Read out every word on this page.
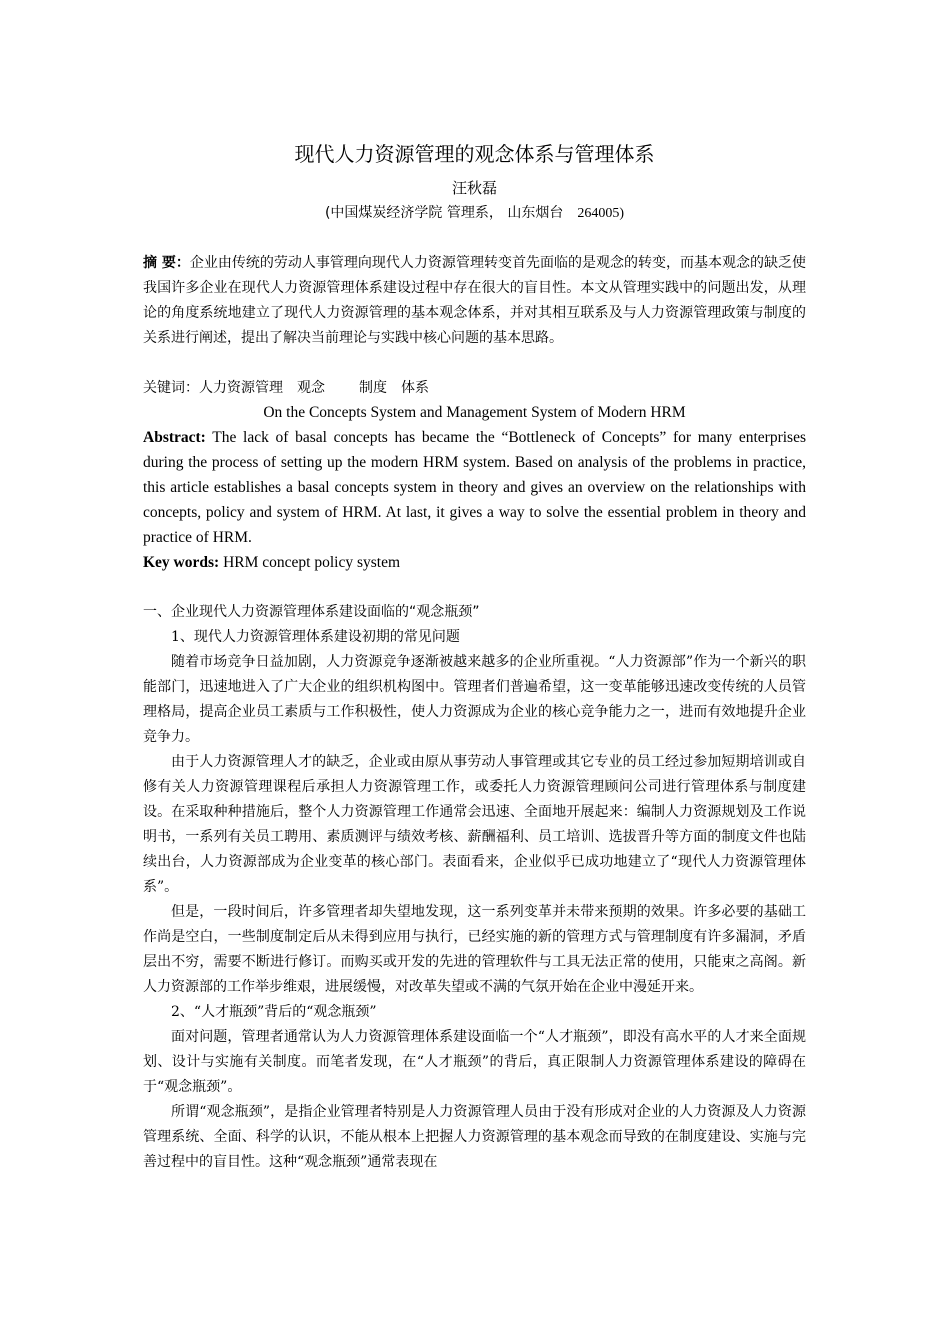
现代人力资源管理的观念体系与管理体系
汪秋磊
(中国煤炭经济学院 管理系， 山东烟台 264005)

摘 要：企业由传统的劳动人事管理向现代人力资源管理转变首先面临的是观念的转变，而基本观念的缺乏使我国许多企业在现代人力资源管理体系建设过程中存在很大的盲目性。本文从管理实践中的问题出发，从理论的角度系统地建立了现代人力资源管理的基本观念体系，并对其相互联系及与人力资源管理政策与制度的关系进行阐述，提出了解决当前理论与实践中核心问题的基本思路。

关键词：人力资源管理 观念 制度 体系

On the Concepts System and Management System of Modern HRM

Abstract: The lack of basal concepts has became the “Bottleneck of Concepts” for many enterprises during the process of setting up the modern HRM system. Based on analysis of the problems in practice, this article establishes a basal concepts system in theory and gives an overview on the relationships with concepts, policy and system of HRM. At last, it gives a way to solve the essential problem in theory and practice of HRM.

Key words: HRM concept policy system

一、企业现代人力资源管理体系建设面临的“观念瓶颈”

1、现代人力资源管理体系建设初期的常见问题

随着市场竞争日益加剧，人力资源竞争逐渐被越来越多的企业所重视。“人力资源部”作为一个新兴的职能部门，迅速地进入了广大企业的组织机构图中。管理者们普遍希望，这一变革能够迅速改变传统的人员管理格局，提高企业员工素质与工作积极性，使人力资源成为企业的核心竞争能力之一，进而有效地提升企业竞争力。

由于人力资源管理人才的缺乏，企业或由原从事劳动人事管理或其它专业的员工经过参加短期培训或自修有关人力资源管理课程后承担人力资源管理工作，或委托人力资源管理顾问公司进行管理体系与制度建设。在采取种种措施后，整个人力资源管理工作通常会迅速、全面地开展起来：编制人力资源规划及工作说明书，一系列有关员工聘用、素质测评与绩效考核、薪酬福利、员工培训、选拔晋升等方面的制度文件也陆续出台，人力资源部成为企业变革的核心部门。表面看来，企业似乎已成功地建立了“现代人力资源管理体系”。

但是，一段时间后，许多管理者却失望地发现，这一系列变革并未带来预期的效果。许多必要的基础工作尚是空白，一些制度制定后从未得到应用与执行，已经实施的新的管理方式与管理制度有许多漏洞，矛盾层出不穷，需要不断进行修订。而购买或开发的先进的管理软件与工具无法正常的使用，只能束之高阁。新人力资源部的工作举步维艰，进展缓慢，对改革失望或不满的气氛开始在企业中漫延开来。

2、“人才瓶颈”背后的“观念瓶颈”

面对问题，管理者通常认为人力资源管理体系建设面临一个“人才瓶颈”，即没有高水平的人才来全面规划、设计与实施有关制度。而笔者发现，在“人才瓶颈”的背后，真正限制人力资源管理体系建设的障碍在于“观念瓶颈”。

所谓“观念瓶颈”，是指企业管理者特别是人力资源管理人员由于没有形成对企业的人力资源及人力资源管理系统、全面、科学的认识，不能从根本上把握人力资源管理的基本观念而导致的在制度建设、实施与完善过程中的盲目性。这种“观念瓶颈”通常表现在
